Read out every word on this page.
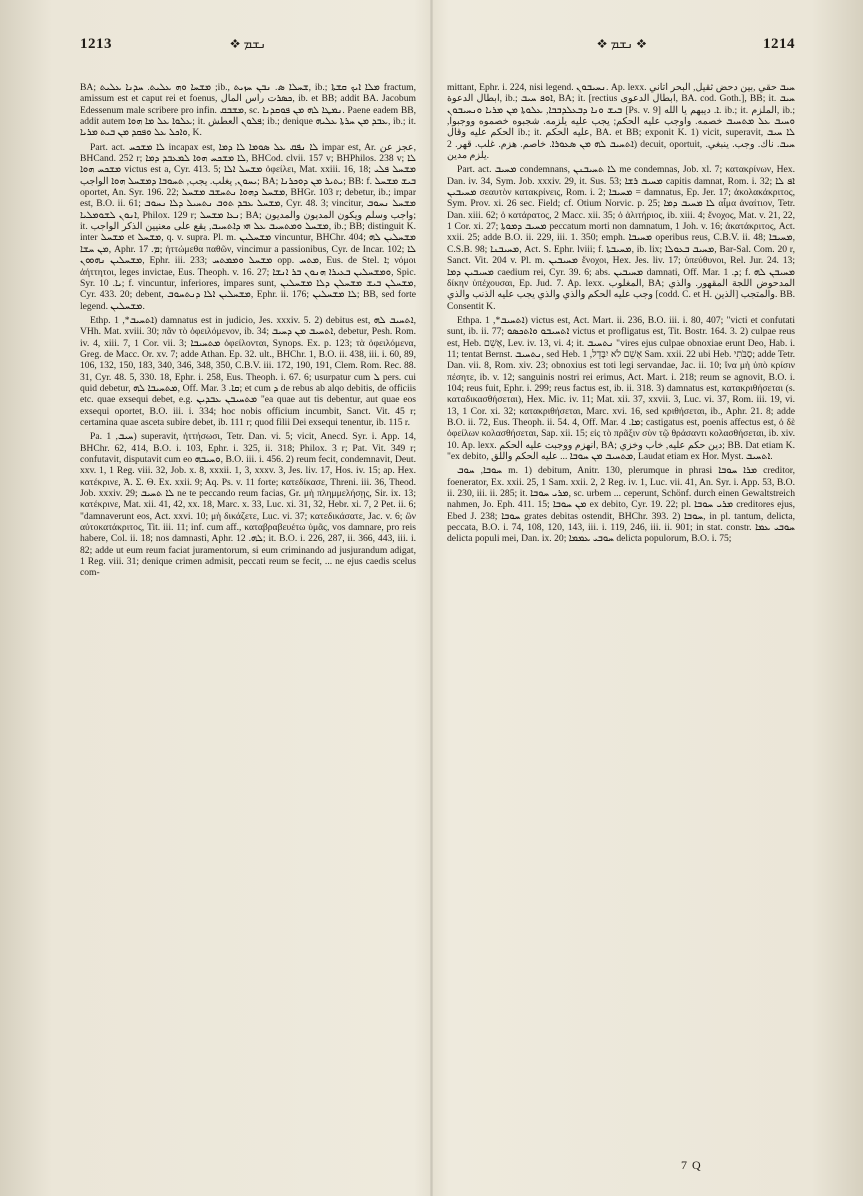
1213	ܢܫܡ ❖

BA; ܡܫܚܐ ܘܗ ܥܠܝܬ. ܚܕܢܐ ܥܠܝܬ ;ib., ܫܚܠܐ ܣ. ܢܒܢ ܚܙܝܬ, ib.; ܡܠܐ ܐܝܟ ܩܫܬܐ fractum, amissum est et caput rei et foenus, ܟܣܪت راس المال, ib. et BB; addit BA. Jacobum Edessenum male scribere pro infin. ܡܫܒܩ, sc. ܢܡܛܐ ܠܗ ܡܢ ܦܘܩܕܢܐ. Paene eadem BB, addit autem ܥܠܘܐ ܥܠ ܡܐ ܗܘܐ; it. ܦܠܘܢ العطش; ib.; denique ܥܒܕ ܡܢ ܚܪܬܐ ܥܠܝܗ, ib.; it. ܘܐܟܠ ܥܠ ܘܦܩܕ ܡܢ ܒܝܬ ܡܪܝܐ, K.

Part. act. ܠܐ ܡܫܟܚ incapax est, ܠܐ ܢܦܩ ܥܠ ܣܘܡܐ ܠܐ ܕܡܐ impar est, Ar. عجز عن, BHCand. 252 r; ܠܐ ܡܫܟܚ ܗܘܐ ܠܡܥܒܕ ܕܡܐ, BHCod. clvii. 157 v; BHPhilos. 238 v; ܠܐ ܡܫܟܚ ܗܘܐ victus est a, Cyr. 413. 5; ܡܫܚܠ ܐܠܐ ὀφείλει, Mat. xxiii. 16, 18; ܡܫܚܠ ܦܠܝ ܝܚܘܢ, يغلب. يجب, ܬܚܘܒܐ ܕܡܫܚܠ ܗܘܐ الواجب; BA; ܝܬܝܪ ܡܢ ܕܘܟܪܢܐ; BB: f. ܒܝܫ ܡܫܚܠ oportet, An. Syr. 196. 22; ܡܫܚܠ ܕܗܘܐ ܢܬܚܫܒ ܡܫܚܠ, BHGr. 103 r; debetur, ib.; impar est, B.O. ii. 61; ܡܫܚܠ ܥܒܕ ܬܘܒ ܢܬܚܝܠ ܕܠܐ ܢܚܘܒ, Cyr. 48. 3; vincitur, ܡܫܚܠ ܢܚܘܒ ܐܢܘܢ ܠܫܘܡܠܝܐ, Philox. 129 r; ܢܥܐ ܡܫܚܠ; BA; واجب وسلم ويكون المديون والمديون; it. ܡܫܚܠ ܘܡܬܚܝܒ ܥܠ ܗܝ ܕܐܬܚܝܒ, يقع على معنيين الذكر الواجب, ib.; BB; distinguit K. inter ܡܫܚܠ et ܡܫܚܠ, q. v. supra. Pl. m. ܡܫܚܠܝܢ vincuntur, BHChr. 404; ܡܫܚܠܝܢ ܠܗ ܡܢ ܚܫܐ, Aphr. ܡ. 17; ἡττώμεθα παθῶν, vincimur a passionibus, Cyr. de Incar. 102; ܠܐ ܡܫܚܠܝܢ ܢܗܘܘܢ, Ephr. iii. 233; ܡܫܚܠ ܘܡܡܬܚ opp. ܡܬܚ, Eus. de Stel. ܐ; νόμοι ἀήττητοι, leges invictae, Eus. Theoph. v. 16. 27; ܘܡܫܚܠܝܢ ܒܥܝܪܐ ܗܢܘܢ ܒܪ ܐܢܫܐ, Spic. Syr. ܝܐ. 10; f. vincuntur, inferiores, impares sunt, ܡܫܚܠܢ ܒܝܫ ܡܫܚܠܢ ܕܠܐ ܡܫܚܠܝܢ, Cyr. 433. 20; debent, ܡܫܚܠܝܢ ܐܠܐ ܕܢܬܚܘܒ, Ephr. ii. 176; ܠܐ ܡܫܚܠܝܢ; BB, sed forte legend. ܡܫܚܠܝܢ.

Ethp. ܐܬܚܝܒ*, 1) damnatus est in judicio, Jes. xxxiv. 5. 2) debitus est, ܐܬܚܝܒ ܠܗ, VHh. Mat. xviii. 30; πᾶν τὸ ὀφειλόμενον, ib. 34; ܐܬܚܝܒ ܡܢ ܕܚܝܒ, debetur, Pesh. Rom. iv. 4, xiii. 7, 1 Cor. vii. 3; ܡܬܚܝܒܐ ὀφείλονται, Synops. Ex. p. 123; τὰ ὀφειλόμενα, Greg. de Macc. Or. xv. 7; adde Athan. Ep. 32. ult., BHChr. 1, B.O. ii. 438, iii. i. 60, 89, 106, 132, 150, 183, 340, 346, 348, 350, C.B.V. iii. 172, 190, 191, Clem. Rom. Rec. 88. 31, Cyr. 48. 5, 330. 18, Ephr. i. 258, Eus. Theoph. i. 67. 6; usurpatur cum ܠ pers. cui quid debetur, ܡܬܚܝܒܐ ܠܗ, Off. Mar. ܩܐ. 3; et cum ܕ de rebus ab alqo debitis, de officiis etc. quae exsequi debet, e.g. ܡܬܚܝܒܢ ܥܒܕܝܢ "ea quae aut tis debentur, aut quae eos exsequi oportet, B.O. iii. i. 334; hoc nobis officium incumbit, Sanct. Vit. 45 r; certamina quae asceta subire debet, ib. 111 r; quod filii Dei exsequi tenentur, ib. 115 r.

Pa. ܚܝܒ, 1) superavit, ἡττήσωσι, Tetr. Dan. vi. 5; vicit, Anecd. Syr. i. App. 14, BHChr. 62, 414, B.O. i. 103, Ephr. i. 325, ii. 318; Philox. 3 r; Pat. Vit. 349 r; confutavit, disputavit cum eo ܘܚܝܒܗ, B.O. iii. i. 456. 2) reum fecit, condemnavit, Deut. xxv. 1, 1 Reg. viii. 32, Job. x. 8, xxxii. 1, 3, xxxv. 3, Jes. liv. 17, Hos. iv. 15; ap. Hex. κατέκρινε, Ἀ. Σ. Θ. Ex. xxii. 9; Aq. Ps. v. 11 forte; κατεδίκασε, Threni. iii. 36, Theod. Job. xxxiv. 29; ܠܐ ܬܚܝܒ ne te peccando reum facias, Gr. μὴ πλημμελήσῃς, Sir. ix. 13; κατέκρινε, Mat. xii. 41, 42, xx. 18, Marc. x. 33, Luc. xi. 31, 32, Hebr. xi. 7, 2 Pet. ii. 6; "damnaverunt eos, Act. xxvi. 10; μὴ δικάζετε, Luc. vi. 37; κατεδικάσατε, Jac. v. 6; ὢν αὐτοκατάκριτος, Tit. iii. 11; inf. cum aff., καταβραβευέτω ὑμᾶς, vos damnare, pro reis habere, Col. ii. 18; nos damnasti, Aphr. ܠܗ. 12; it. B.O. i. 226, 287, ii. 366, 443, iii. i. 82; adde ut eum reum faciat juramentorum, si eum criminando ad jusjurandum adigat, 1 Reg. viii. 31; denique crimen admisit, peccati reum se fecit, ... ne ejus caedis scelus com-

❖ ܢܫܡ ❖	1214

mittant, Ephr. i. 224, nisi legend. ܢܚܝܒܘܢ. Ap. lexx. ܚܝܒ حقي ,بين دحض ثقيل, البحر اتاني ابطال الدعوة, ib.; ܐܘܦ ܚܝܒ, BA; it. [rectius ابطال الدعوى, BA. cod. Goth.], BB; it. ܚܝܒ ܒܝܫ ܘܢܐ ܕܒܥܠܕܒܒܐ, ܥܠܘܬܐ ܡܢ ܡܪܝܐ ܘܢܚܝܒܘܢ [Ps. v. 9] ܐ. ديبهم يا الله. ib.; it. الملزم, ib.; ܘܚܝܒ ܥܠ ܡܬܚܝܒ خصمه. واوجب عليه الحكم; يجب عليه يلزمه. شجبوه خصموه ووجبوا, الحكم عليه وقال ib.; it. عليه الحكم, BA. et BB; exponit K. 1) vicit, superavit, ܠܐ ܚܝܒ ܐܬܚܝܒ ܠܗ ܡܢ ܣܥܘܪܐ. خاصم. هزم. غلب. قهر. 2) decuit, oportuit, ܚܝܒ. ناك. وجب. ينبغي. يلزم مدين.

Part. act. ܡܚܝܒ condemnans, ܠܐ ܬܚܝܒܢܢ me condemnas, Job. xl. 7; κατακρίνων, Hex. Dan. iv. 34, Sym. Job. xxxiv. 29, it. Sus. 53; ܡܚܝܒ ܪܫܐ capitis damnat, Rom. i. 32; ܐܦ ܠܐ ܡܚܝܒܝܢ σεαυτὸν κατακρίνεις, Rom. i. 2; ܡܚܝܒܐ = damnatus, Ep. Jer. 17; ἀκολακάκριτος, Sym. Prov. xi. 26 sec. Field; cf. Otium Norvic. p. 25; ܠܐ ܡܚܝܒ ܕܡܐ αἷμα ἀναίτιον, Tetr. Dan. xiii. 62; ὁ κατάρατος, 2 Macc. xii. 35; ὁ ἀλιτήριος, ib. xiii. 4; ἔνοχος, Mat. v. 21, 22, 1 Cor. xi. 27; ܡܚܝܒ ܕܡܘܬܐ peccatum morti non damnatum, 1 Joh. v. 16; ἀκατάκριτος, Act. xxii. 25; adde B.O. ii. 229, iii. 1. 350; emph. ܡܚܝܒܐ operibus reus, C.B.V. ii. 48; ܡܚܝܒܐ, C.S.B. 98; ܡܚܝܒܢܐ, Act. S. Ephr. lviii; f. ܡܚܝܒܬܐ, ib. lix; ܡܚܝܒ ܒܥܘܠܐ, Bar-Sal. Com. 20 r, Sanct. Vit. 204 v. Pl. m. ܡܚܝܒܝܢ ἔνοχοι, Hex. Jes. liv. 17; ὑπεύθυνοι, Rel. Jur. 24. 13; ܡܚܝܒܝܢ ܕܡܐ caedium rei, Cyr. 39. 6; abs. ܡܚܝܒܝܢ damnati, Off. Mar. ܕ. 1; f. ܡܚܝܒܢ ܠܗ δίκην ὑπέχουσαι, Ep. Jud. 7. Ap. lexx. المغلوب, BA; المدحوض اللجة المقهور. والذي وجب عليه الحكم والذي والذي يجب عليه الذنب والذي [codd. C. et H. الذين] والمتجب. BB. Consentit K.

Ethpa. ܐܬܚܝܒ*, 1) victus est, Act. Mart. ii. 236, B.O. iii. i. 80, 407; "victi et confutati sunt, ib. ii. 77; ܐܬܚܝܒܘ ܘܐܬܟܣܘ victus et profligatus est, Tit. Bostr. 164. 3. 2) culpae reus est, Heb. אָשֵׁם, Lev. iv. 13, vi. 4; it. ܢܬܚܝܒ "vires ejus culpae obnoxiae erunt Deo, Hab. i. 11; tentat Bernst. ܢܬܚܝܒ, sed Heb. אָשֵׁם לֹא יִבָּדֵל, 1 Sam. xxii. 22 ubi Heb. סַבֹּתִי; adde Tetr. Dan. vii. 8, Rom. xiv. 23; obnoxius est toti legi servandae, Jac. ii. 10; ἵνα μὴ ὑπὸ κρίσιν πέσητε, ib. v. 12; sanguinis nostri rei erimus, Act. Mart. i. 218; reum se agnovit, B.O. i. 104; reus fuit, Ephr. i. 299; reus factus est, ib. ii. 318. 3) damnatus est, κατακριθήσεται (s. καταδικασθήσεται), Hex. Mic. iv. 11; Mat. xii. 37, xxvii. 3, Luc. vi. 37, Rom. iii. 19, vi. 13, 1 Cor. xi. 32; κατακριθήσεται, Marc. xvi. 16, sed κριθήσεται, ib., Aphr. 21. 8; adde B.O. ii. 72, Eus. Theoph. ii. 54. 4, Off. Mar. ܡܐ. 4; castigatus est, poenis affectus est, ὁ δὲ ὀφείλων κολασθήσεται, Sap. xii. 15; εἰς τὸ πρᾶξιν σὺν τῷ θράσαντι κολασθήσεται, ib. xiv. 10. Ap. lexx. انهزم ووجبت عليه الحكم, BA; دين حكم عليه, خاب وخزي; BB. Dat etiam K. "ex debito, ܡܬܚܝܒ ܡܢ ܚܘܒܐ ... عليه الحكم واللق, Laudat etiam ex Hor. Myst. ܐܬܚܝܒ.

ܚܘܒܐ, ܚܘܒ m. 1) debitum, Anitr. 130, plerumque in phrasi ܡܪܐ ܚܘܒܐ creditor, foenerator, Ex. xxii. 25, 1 Sam. xxii. 2, 2 Reg. iv. 1, Luc. vii. 41, An. Syr. i. App. 53, B.O. ii. 230, iii. ii. 285; it. ܡܪܝ ܚܘܒܐ, sc. urbem ... ceperunt, Schönf. durch einen Gewaltstreich nahmen, Jo. Eph. 411. 15; ܡܢ ܚܘܒܐ ex debito, Cyr. 19. 22; pl. ܡܪܝ ܚܘܒܐ creditores ejus, Ebed J. 238; ܚܘܒܐ grates debitas ostendit, BHChr. 393. 2) ܚܘܒܐ, in pl. tantum, delicta, peccata, B.O. i. 74, 108, 120, 143, iii. i. 119, 246, iii. ii. 901; in stat. constr. ܚܘܒܝ ܥܡܐ delicta populi mei, Dan. ix. 20; ܚܘܒܝ ܥܡܡܐ delicta populorum, B.O. i. 75;

7 Q
